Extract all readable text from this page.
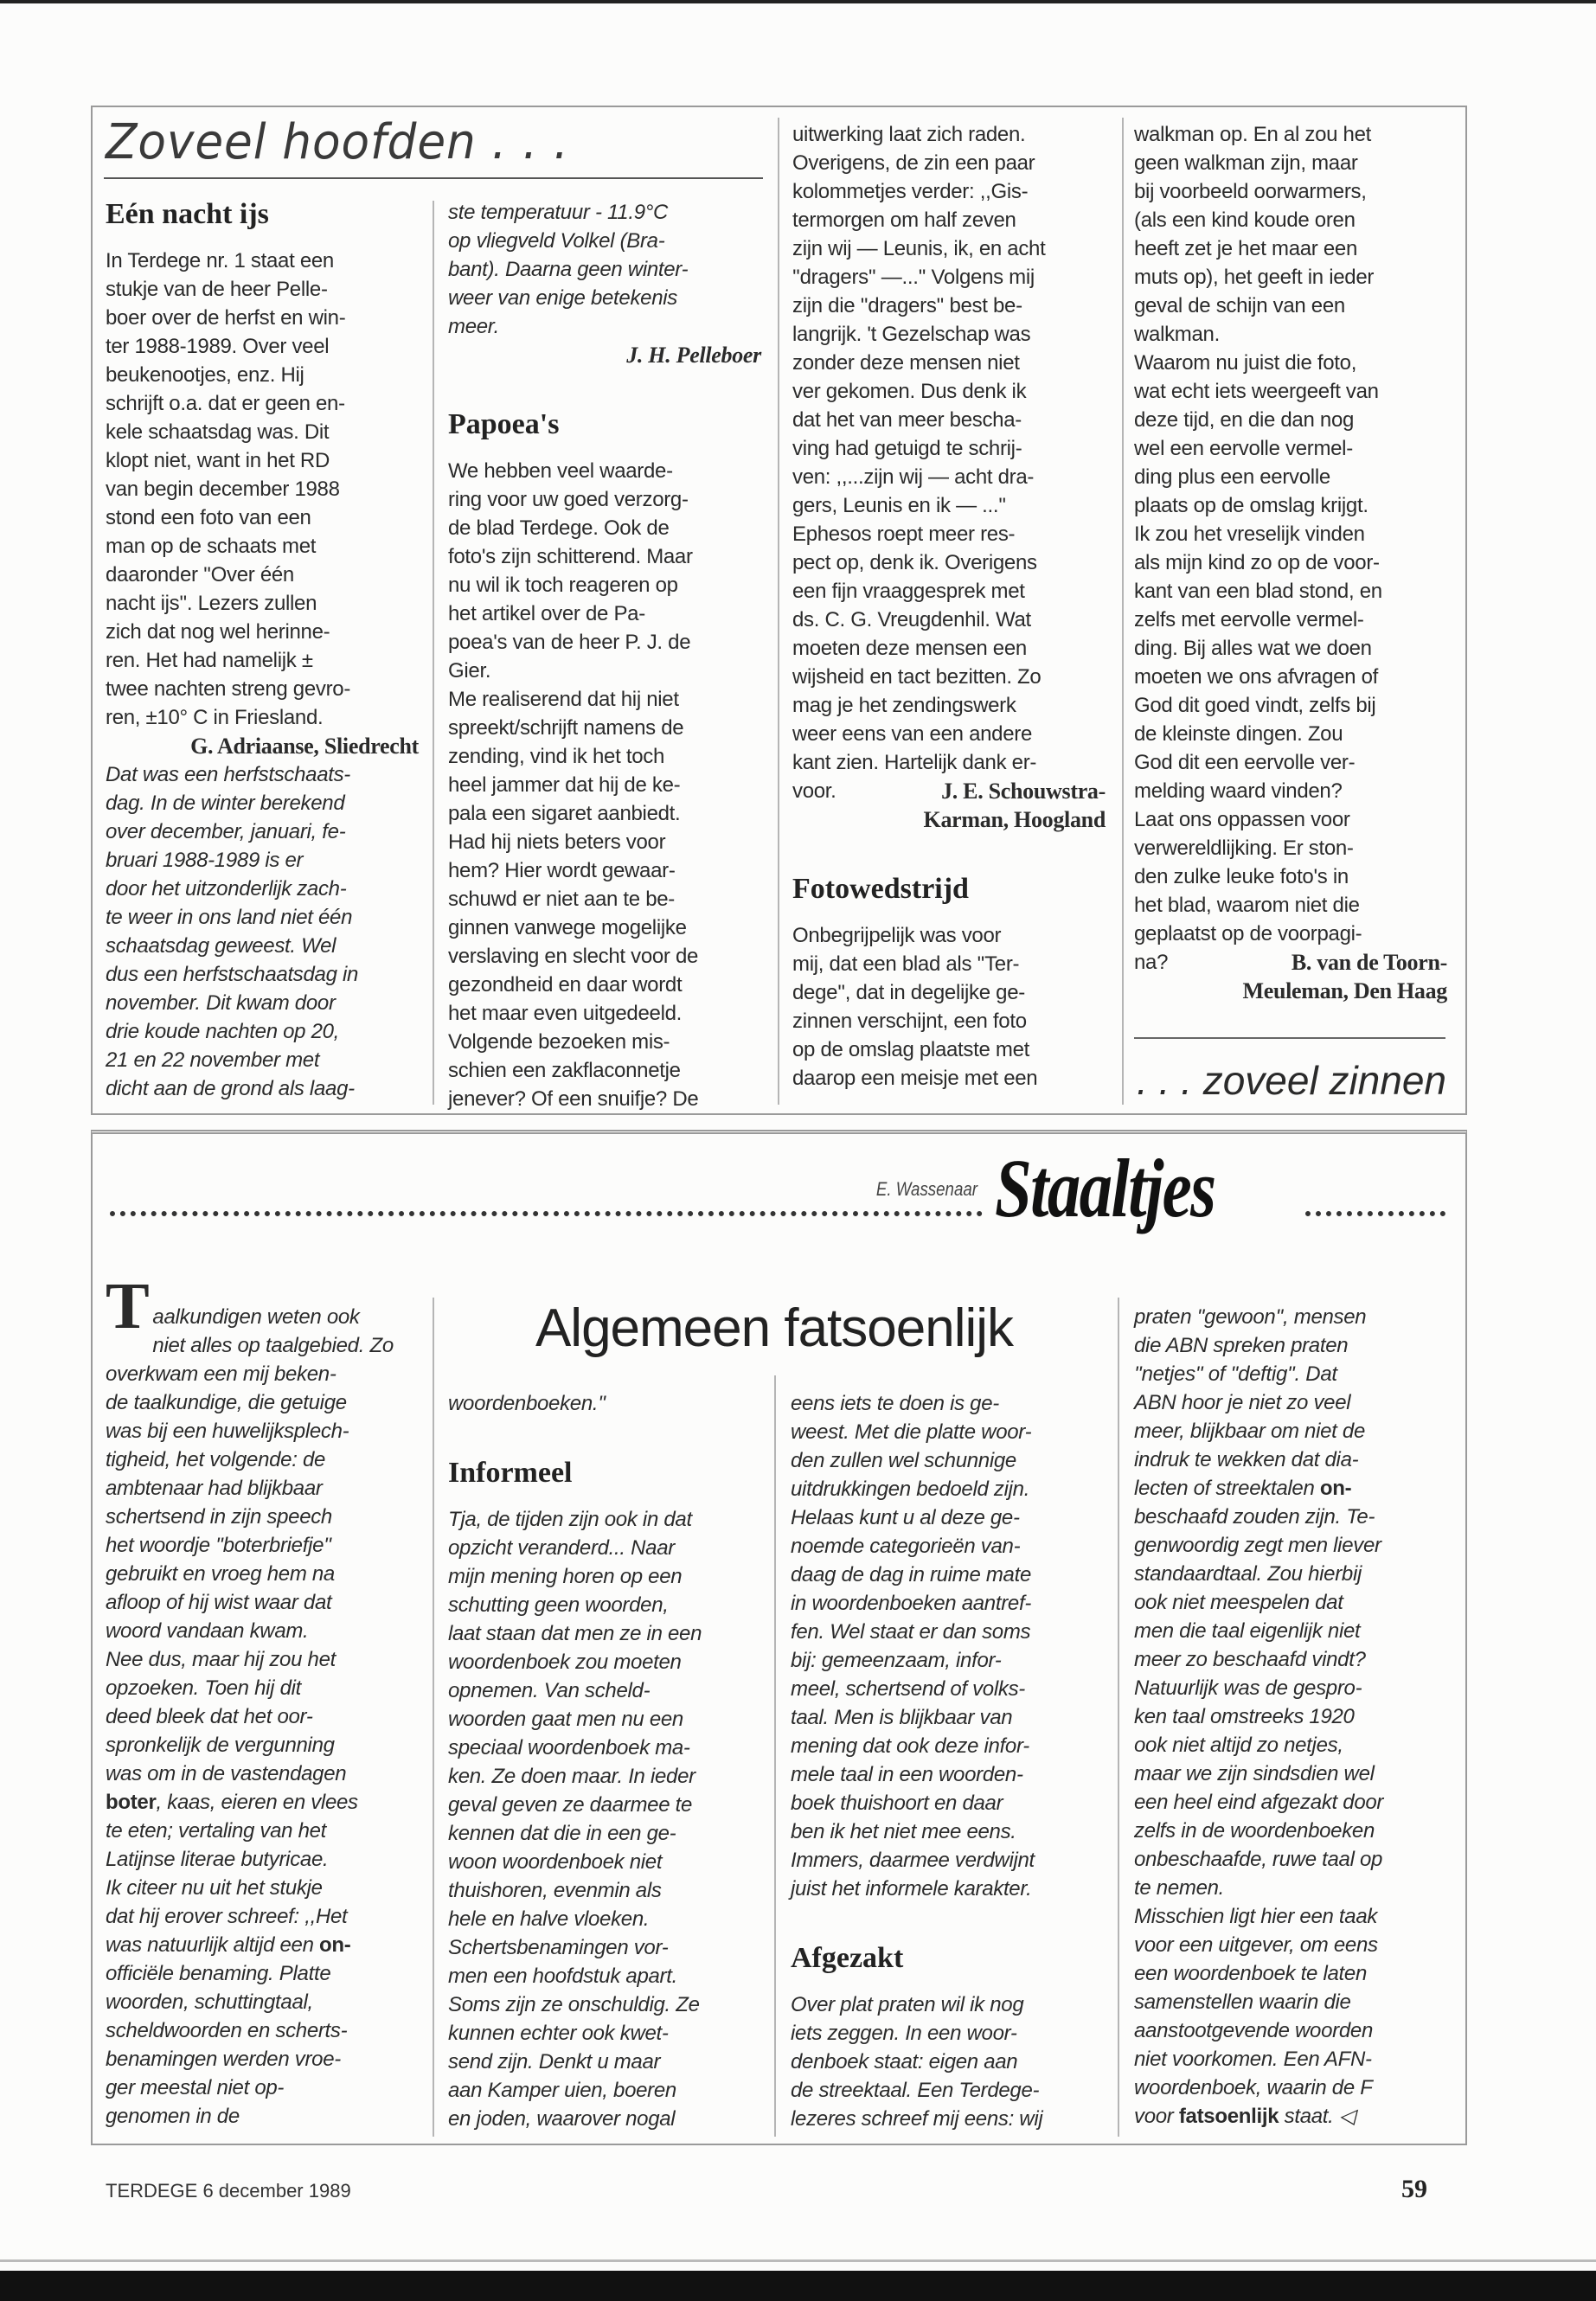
Zoveel hoofden . . .
Eén nacht ijs
In Terdege nr. 1 staat een
stukje van de heer Pelle-
boer over de herfst en win-
ter 1988-1989. Over veel
beukenootjes, enz. Hij
schrijft o.a. dat er geen en-
kele schaatsdag was. Dit
klopt niet, want in het RD
van begin december 1988
stond een foto van een
man op de schaats met
daaronder ''Over één
nacht ijs''. Lezers zullen
zich dat nog wel herinne-
ren. Het had namelijk ±
twee nachten streng gevro-
ren, ±10° C in Friesland.
G. Adriaanse, Sliedrecht
Dat was een herfstschaats-
dag. In de winter berekend
over december, januari, fe-
bruari 1988-1989 is er
door het uitzonderlijk zach-
te weer in ons land niet één
schaatsdag geweest. Wel
dus een herfstschaatsdag in
november. Dit kwam door
drie koude nachten op 20,
21 en 22 november met
dicht aan de grond als laag-
ste temperatuur - 11.9°C
op vliegveld Volkel (Bra-
bant). Daarna geen winter-
weer van enige betekenis
meer.
J. H. Pelleboer
Papoea's
We hebben veel waarde-
ring voor uw goed verzorg-
de blad Terdege. Ook de
foto's zijn schitterend. Maar
nu wil ik toch reageren op
het artikel over de Pa-
poea's van de heer P. J. de
Gier.
Me realiserend dat hij niet
spreekt/schrijft namens de
zending, vind ik het toch
heel jammer dat hij de ke-
pala een sigaret aanbiedt.
Had hij niets beters voor
hem? Hier wordt gewaar-
schuwd er niet aan te be-
ginnen vanwege mogelijke
verslaving en slecht voor de
gezondheid en daar wordt
het maar even uitgedeeld.
Volgende bezoeken mis-
schien een zakflaconnetje
jenever? Of een snuifje? De
uitwerking laat zich raden.
Overigens, de zin een paar
kolommetjes verder: ,,Gis-
termorgen om half zeven
zijn wij — Leunis, ik, en acht
''dragers'' —...'' Volgens mij
zijn die ''dragers'' best be-
langrijk. 't Gezelschap was
zonder deze mensen niet
ver gekomen. Dus denk ik
dat het van meer bescha-
ving had getuigd te schrij-
ven: ,,...zijn wij — acht dra-
gers, Leunis en ik — ...''
Ephesos roept meer res-
pect op, denk ik. Overigens
een fijn vraaggesprek met
ds. C. G. Vreugdenhil. Wat
moeten deze mensen een
wijsheid en tact bezitten. Zo
mag je het zendingswerk
weer eens van een andere
kant zien. Hartelijk dank er-
voor.	J. E. Schouwstra-
Karman, Hoogland
Fotowedstrijd
Onbegrijpelijk was voor
mij, dat een blad als ''Ter-
dege'', dat in degelijke ge-
zinnen verschijnt, een foto
op de omslag plaatste met
daarop een meisje met een
walkman op. En al zou het
geen walkman zijn, maar
bij voorbeeld oorwarmers,
(als een kind koude oren
heeft zet je het maar een
muts op), het geeft in ieder
geval de schijn van een
walkman.
Waarom nu juist die foto,
wat echt iets weergeeft van
deze tijd, en die dan nog
wel een eervolle vermel-
ding plus een eervolle
plaats op de omslag krijgt.
Ik zou het vreselijk vinden
als mijn kind zo op de voor-
kant van een blad stond, en
zelfs met eervolle vermel-
ding. Bij alles wat we doen
moeten we ons afvragen of
God dit goed vindt, zelfs bij
de kleinste dingen. Zou
God dit een eervolle ver-
melding waard vinden?
Laat ons oppassen voor
verwereldlijking. Er ston-
den zulke leuke foto's in
het blad, waarom niet die
geplaatst op de voorpagi-
na?	B. van de Toorn-
Meuleman, Den Haag
. . . zoveel zinnen
E. Wassenaar Staaltjes
Algemeen fatsoenlijk
Taalkundigen weten ook
niet alles op taalgebied. Zo
overkwam een mij beken-
de taalkundige, die getuige
was bij een huwelijksplech-
tigheid, het volgende: de
ambtenaar had blijkbaar
schertsend in zijn speech
het woordje ''boterbriefje''
gebruikt en vroeg hem na
afloop of hij wist waar dat
woord vandaan kwam.
Nee dus, maar hij zou het
opzoeken. Toen hij dit
deed bleek dat het oor-
spronkelijk de vergunning
was om in de vastendagen
boter, kaas, eieren en vlees
te eten; vertaling van het
Latijnse literae butyricae.
Ik citeer nu uit het stukje
dat hij erover schreef: ,,Het
was natuurlijk altijd een on-
officiële benaming. Platte
woorden, schuttingtaal,
scheldwoorden en scherts-
benamingen werden vroe-
ger meestal niet op-
genomen in de
woordenboeken.''
Informeel
Tja, de tijden zijn ook in dat
opzicht veranderd... Naar
mijn mening horen op een
schutting geen woorden,
laat staan dat men ze in een
woordenboek zou moeten
opnemen. Van scheld-
woorden gaat men nu een
speciaal woordenboek ma-
ken. Ze doen maar. In ieder
geval geven ze daarmee te
kennen dat die in een ge-
woon woordenboek niet
thuishoren, evenmin als
hele en halve vloeken.
Schertsbenamingen vor-
men een hoofdstuk apart.
Soms zijn ze onschuldig. Ze
kunnen echter ook kwet-
send zijn. Denkt u maar
aan Kamper uien, boeren
en joden, waarover nogal
eens iets te doen is ge-
weest. Met die platte woor-
den zullen wel schunnige
uitdrukkingen bedoeld zijn.
Helaas kunt u al deze ge-
noemde categorieën van-
daag de dag in ruime mate
in woordenboeken aantref-
fen. Wel staat er dan soms
bij: gemeenzaam, infor-
meel, schertsend of volks-
taal. Men is blijkbaar van
mening dat ook deze infor-
mele taal in een woorden-
boek thuishoort en daar
ben ik het niet mee eens.
Immers, daarmee verdwijnt
juist het informele karakter.
Afgezakt
Over plat praten wil ik nog
iets zeggen. In een woor-
denboek staat: eigen aan
de streektaal. Een Terdege-
lezeres schreef mij eens: wij
praten ''gewoon'', mensen
die ABN spreken praten
''netjes'' of ''deftig''. Dat
ABN hoor je niet zo veel
meer, blijkbaar om niet de
indruk te wekken dat dia-
lecten of streektalen on-
beschaafd zouden zijn. Te-
genwoordig zegt men liever
standaardtaal. Zou hierbij
ook niet meespelen dat
men die taal eigenlijk niet
meer zo beschaafd vindt?
Natuurlijk was de gespro-
ken taal omstreeks 1920
ook niet altijd zo netjes,
maar we zijn sindsdien wel
een heel eind afgezakt door
zelfs in de woordenboeken
onbeschaafde, ruwe taal op
te nemen.
Misschien ligt hier een taak
voor een uitgever, om eens
een woordenboek te laten
samenstellen waarin die
aanstootgevende woorden
niet voorkomen. Een AFN-
woordenboek, waarin de F
voor fatsoenlijk staat. ◁
TERDEGE 6 december 1989	59
